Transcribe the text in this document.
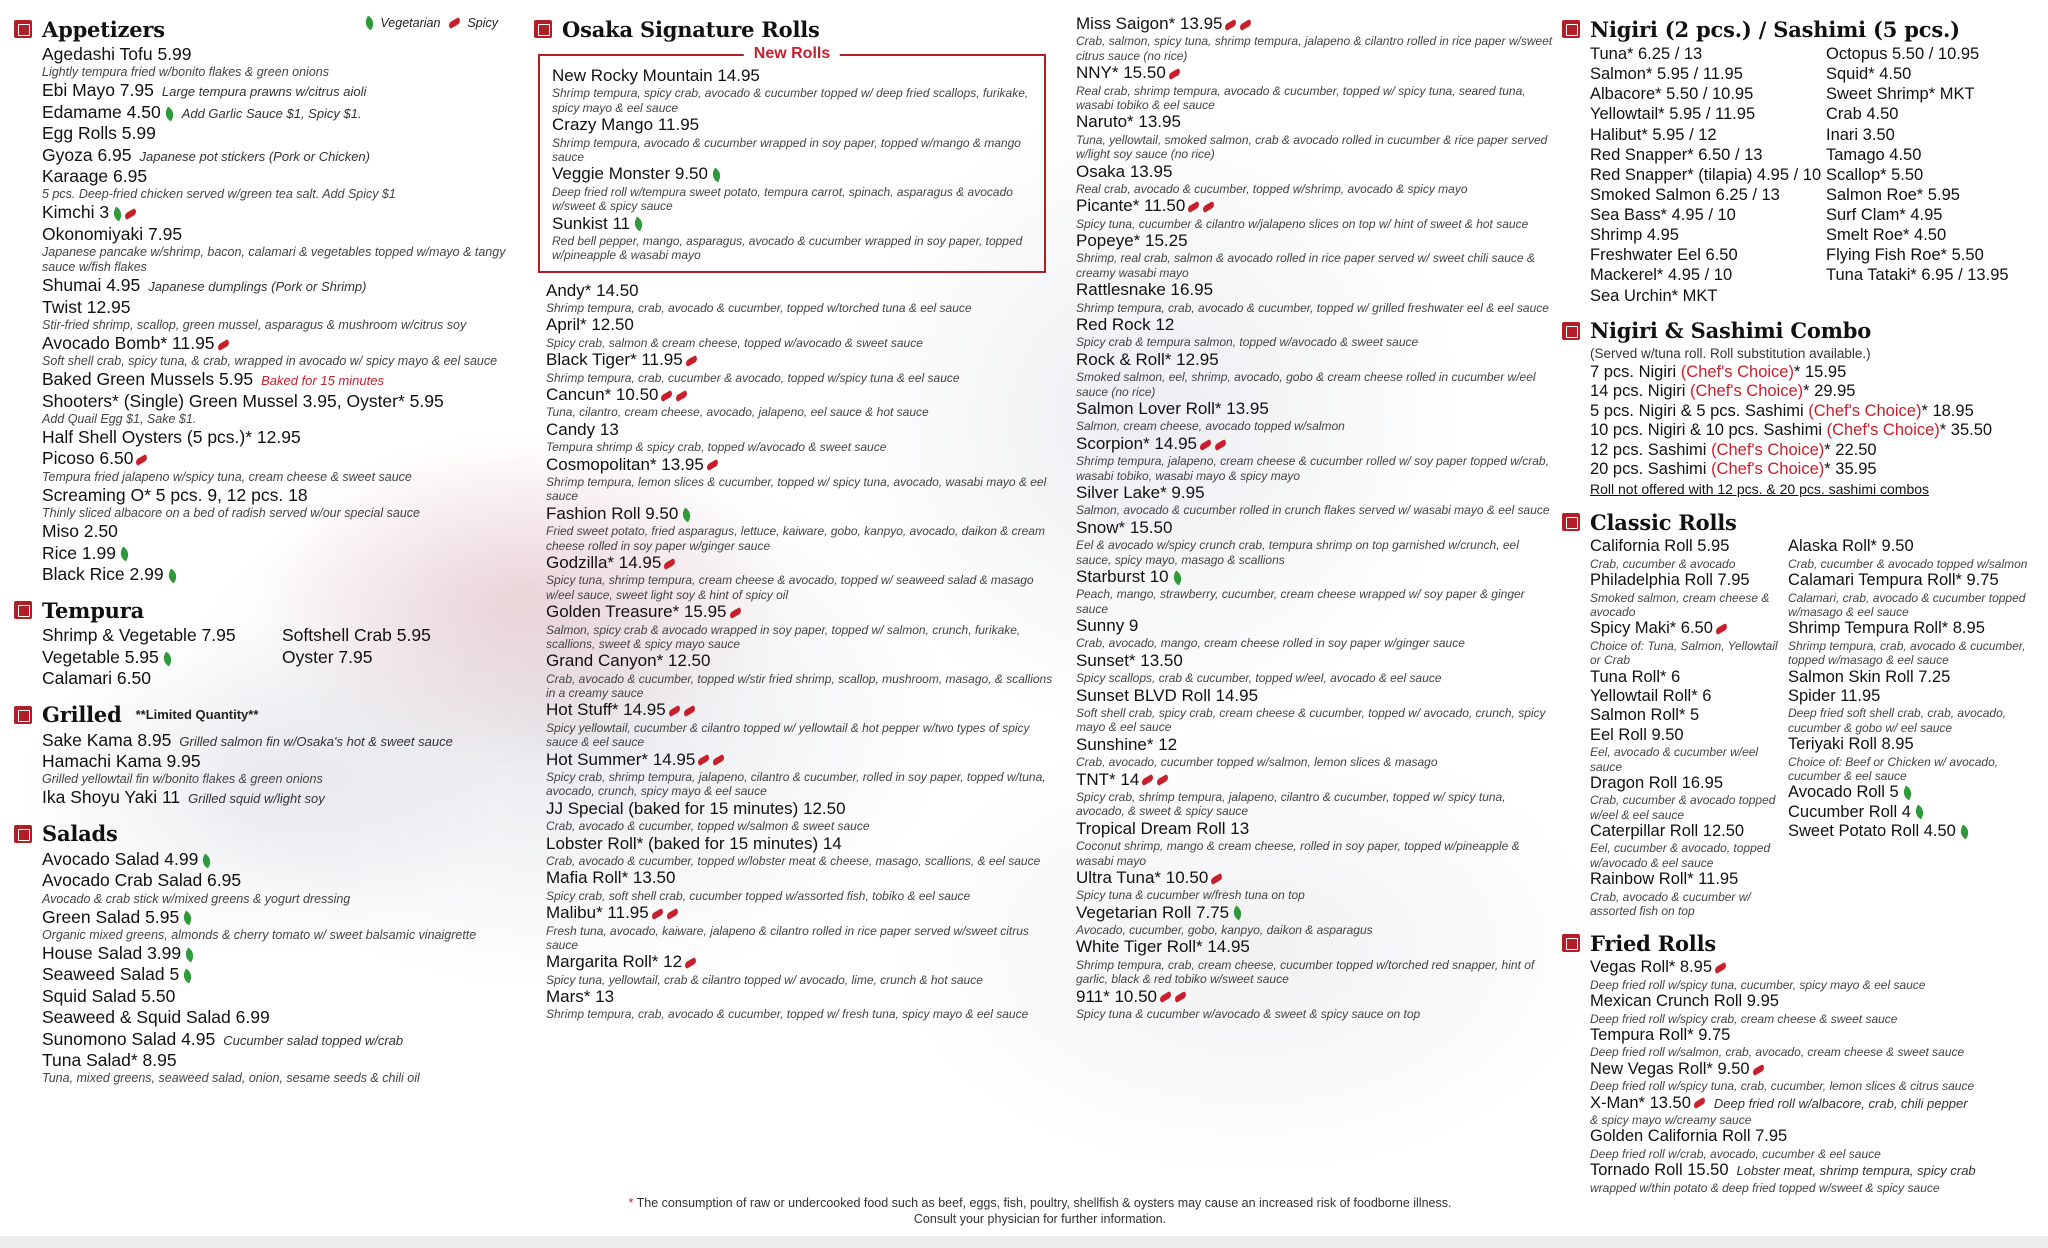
Vegetarian Spicy
Appetizers
Agedashi Tofu 5.99
Lightly tempura fried w/bonito flakes & green onions
Ebi Mayo 7.95 Large tempura prawns w/citrus aioli
Edamame 4.50 Add Garlic Sauce $1, Spicy $1.
Egg Rolls 5.99
Gyoza 6.95 Japanese pot stickers (Pork or Chicken)
Karaage 6.95
5 pcs. Deep-fried chicken served w/green tea salt. Add Spicy $1
Kimchi 3
Okonomiyaki 7.95
Japanese pancake w/shrimp, bacon, calamari & vegetables topped w/mayo & tangy sauce w/fish flakes
Shumai 4.95 Japanese dumplings (Pork or Shrimp)
Twist 12.95
Stir-fried shrimp, scallop, green mussel, asparagus & mushroom w/citrus soy
Avocado Bomb* 11.95
Soft shell crab, spicy tuna, & crab, wrapped in avocado w/ spicy mayo & eel sauce
Baked Green Mussels 5.95 Baked for 15 minutes
Shooters* (Single) Green Mussel 3.95, Oyster* 5.95
Add Quail Egg $1, Sake $1.
Half Shell Oysters (5 pcs.)* 12.95
Picoso 6.50
Tempura fried jalapeno w/spicy tuna, cream cheese & sweet sauce
Screaming O* 5 pcs. 9, 12 pcs. 18
Thinly sliced albacore on a bed of radish served w/our special sauce
Miso 2.50
Rice 1.99
Black Rice 2.99
Tempura
Shrimp & Vegetable 7.95
Vegetable 5.95
Calamari 6.50
Softshell Crab 5.95
Oyster 7.95
Grilled **Limited Quantity**
Sake Kama 8.95 Grilled salmon fin w/Osaka's hot & sweet sauce
Hamachi Kama 9.95
Grilled yellowtail fin w/bonito flakes & green onions
Ika Shoyu Yaki 11 Grilled squid w/light soy
Salads
Avocado Salad 4.99
Avocado Crab Salad 6.95
Avocado & crab stick w/mixed greens & yogurt dressing
Green Salad 5.95
Organic mixed greens, almonds & cherry tomato w/ sweet balsamic vinaigrette
House Salad 3.99
Seaweed Salad 5
Squid Salad 5.50
Seaweed & Squid Salad 6.99
Sunomono Salad 4.95 Cucumber salad topped w/crab
Tuna Salad* 8.95
Tuna, mixed greens, seaweed salad, onion, sesame seeds & chili oil
Osaka Signature Rolls
New Rolls
New Rocky Mountain 14.95
Shrimp tempura, spicy crab, avocado & cucumber topped w/ deep fried scallops, furikake, spicy mayo & eel sauce
Crazy Mango 11.95
Shrimp tempura, avocado & cucumber wrapped in soy paper, topped w/mango & mango sauce
Veggie Monster 9.50
Deep fried roll w/tempura sweet potato, tempura carrot, spinach, asparagus & avocado w/sweet & spicy sauce
Sunkist 11
Red bell pepper, mango, asparagus, avocado & cucumber wrapped in soy paper, topped w/pineapple & wasabi mayo
Andy* 14.50
Shrimp tempura, crab, avocado & cucumber, topped w/torched tuna & eel sauce
April* 12.50
Spicy crab, salmon & cream cheese, topped w/avocado & sweet sauce
Black Tiger* 11.95
Shrimp tempura, crab, cucumber & avocado, topped w/spicy tuna & eel sauce
Cancun* 10.50
Tuna, cilantro, cream cheese, avocado, jalapeno, eel sauce & hot sauce
Candy 13
Tempura shrimp & spicy crab, topped w/avocado & sweet sauce
Cosmopolitan* 13.95
Shrimp tempura, lemon slices & cucumber, topped w/ spicy tuna, avocado, wasabi mayo & eel sauce
Fashion Roll 9.50
Fried sweet potato, fried asparagus, lettuce, kaiware, gobo, kanpyo, avocado, daikon & cream cheese rolled in soy paper w/ginger sauce
Godzilla* 14.95
Spicy tuna, shrimp tempura, cream cheese & avocado, topped w/ seaweed salad & masago w/eel sauce, sweet light soy & hint of spicy oil
Golden Treasure* 15.95
Salmon, spicy crab & avocado wrapped in soy paper, topped w/ salmon, crunch, furikake, scallions, sweet & spicy mayo sauce
Grand Canyon* 12.50
Crab, avocado & cucumber, topped w/stir fried shrimp, scallop, mushroom, masago, & scallions in a creamy sauce
Hot Stuff* 14.95
Spicy yellowtail, cucumber & cilantro topped w/ yellowtail & hot pepper w/two types of spicy sauce & eel sauce
Hot Summer* 14.95
Spicy crab, shrimp tempura, jalapeno, cilantro & cucumber, rolled in soy paper, topped w/tuna, avocado, crunch, spicy mayo & eel sauce
JJ Special (baked for 15 minutes) 12.50
Crab, avocado & cucumber, topped w/salmon & sweet sauce
Lobster Roll* (baked for 15 minutes) 14
Crab, avocado & cucumber, topped w/lobster meat & cheese, masago, scallions, & eel sauce
Mafia Roll* 13.50
Spicy crab, soft shell crab, cucumber topped w/assorted fish, tobiko & eel sauce
Malibu* 11.95
Fresh tuna, avocado, kaiware, jalapeno & cilantro rolled in rice paper served w/sweet citrus sauce
Margarita Roll* 12
Spicy tuna, yellowtail, crab & cilantro topped w/ avocado, lime, crunch & hot sauce
Mars* 13
Shrimp tempura, crab, avocado & cucumber, topped w/ fresh tuna, spicy mayo & eel sauce
Miss Saigon* 13.95
Crab, salmon, spicy tuna, shrimp tempura, jalapeno & cilantro rolled in rice paper w/sweet citrus sauce (no rice)
NNY* 15.50
Real crab, shrimp tempura, avocado & cucumber, topped w/ spicy tuna, seared tuna, wasabi tobiko & eel sauce
Naruto* 13.95
Tuna, yellowtail, smoked salmon, crab & avocado rolled in cucumber & rice paper served w/light soy sauce (no rice)
Osaka 13.95
Real crab, avocado & cucumber, topped w/shrimp, avocado & spicy mayo
Picante* 11.50
Spicy tuna, cucumber & cilantro w/jalapeno slices on top w/ hint of sweet & hot sauce
Popeye* 15.25
Shrimp, real crab, salmon & avocado rolled in rice paper served w/ sweet chili sauce & creamy wasabi mayo
Rattlesnake 16.95
Shrimp tempura, crab, avocado & cucumber, topped w/ grilled freshwater eel & eel sauce
Red Rock 12
Spicy crab & tempura salmon, topped w/avocado & sweet sauce
Rock & Roll* 12.95
Smoked salmon, eel, shrimp, avocado, gobo & cream cheese rolled in cucumber w/eel sauce (no rice)
Salmon Lover Roll* 13.95
Salmon, cream cheese, avocado topped w/salmon
Scorpion* 14.95
Shrimp tempura, jalapeno, cream cheese & cucumber rolled w/ soy paper topped w/crab, wasabi tobiko, wasabi mayo & spicy mayo
Silver Lake* 9.95
Salmon, avocado & cucumber rolled in crunch flakes served w/ wasabi mayo & eel sauce
Snow* 15.50
Eel & avocado w/spicy crunch crab, tempura shrimp on top garnished w/crunch, eel sauce, spicy mayo, masago & scallions
Starburst 10
Peach, mango, strawberry, cucumber, cream cheese wrapped w/ soy paper & ginger sauce
Sunny 9
Crab, avocado, mango, cream cheese rolled in soy paper w/ginger sauce
Sunset* 13.50
Spicy scallops, crab & cucumber, topped w/eel, avocado & eel sauce
Sunset BLVD Roll 14.95
Soft shell crab, spicy crab, cream cheese & cucumber, topped w/ avocado, crunch, spicy mayo & eel sauce
Sunshine* 12
Crab, avocado, cucumber topped w/salmon, lemon slices & masago
TNT* 14
Spicy crab, shrimp tempura, jalapeno, cilantro & cucumber, topped w/ spicy tuna, avocado, & sweet & spicy sauce
Tropical Dream Roll 13
Coconut shrimp, mango & cream cheese, rolled in soy paper, topped w/pineapple & wasabi mayo
Ultra Tuna* 10.50
Spicy tuna & cucumber w/fresh tuna on top
Vegetarian Roll 7.75
Avocado, cucumber, gobo, kanpyo, daikon & asparagus
White Tiger Roll* 14.95
Shrimp tempura, crab, cream cheese, cucumber topped w/torched red snapper, hint of garlic, black & red tobiko w/sweet sauce
911* 10.50
Spicy tuna & cucumber w/avocado & sweet & spicy sauce on top
Nigiri (2 pcs.) / Sashimi (5 pcs.)
Tuna* 6.25 / 13
Salmon* 5.95 / 11.95
Albacore* 5.50 / 10.95
Yellowtail* 5.95 / 11.95
Halibut* 5.95 / 12
Red Snapper* 6.50 / 13
Red Snapper* (tilapia) 4.95 / 10
Smoked Salmon 6.25 / 13
Sea Bass* 4.95 / 10
Shrimp 4.95
Freshwater Eel 6.50
Mackerel* 4.95 / 10
Sea Urchin* MKT
Octopus 5.50 / 10.95
Squid* 4.50
Sweet Shrimp* MKT
Crab 4.50
Inari 3.50
Tamago 4.50
Scallop* 5.50
Salmon Roe* 5.95
Surf Clam* 4.95
Smelt Roe* 4.50
Flying Fish Roe* 5.50
Tuna Tataki* 6.95 / 13.95
Nigiri & Sashimi Combo
(Served w/tuna roll. Roll substitution available.)
7 pcs. Nigiri (Chef's Choice)* 15.95
14 pcs. Nigiri (Chef's Choice)* 29.95
5 pcs. Nigiri & 5 pcs. Sashimi (Chef's Choice)* 18.95
10 pcs. Nigiri & 10 pcs. Sashimi (Chef's Choice)* 35.50
12 pcs. Sashimi (Chef's Choice)* 22.50
20 pcs. Sashimi (Chef's Choice)* 35.95
Roll not offered with 12 pcs. & 20 pcs. sashimi combos
Classic Rolls
California Roll 5.95
Crab, cucumber & avocado
Philadelphia Roll 7.95
Smoked salmon, cream cheese & avocado
Spicy Maki* 6.50
Choice of: Tuna, Salmon, Yellowtail or Crab
Tuna Roll* 6
Yellowtail Roll* 6
Salmon Roll* 5
Eel Roll 9.50
Eel, avocado & cucumber w/eel sauce
Dragon Roll 16.95
Crab, cucumber & avocado topped w/eel & eel sauce
Caterpillar Roll 12.50
Eel, cucumber & avocado, topped w/avocado & eel sauce
Rainbow Roll* 11.95
Crab, avocado & cucumber w/ assorted fish on top
Alaska Roll* 9.50
Crab, cucumber & avocado topped w/salmon
Calamari Tempura Roll* 9.75
Calamari, crab, avocado & cucumber topped w/masago & eel sauce
Shrimp Tempura Roll* 8.95
Shrimp tempura, crab, avocado & cucumber, topped w/masago & eel sauce
Salmon Skin Roll 7.25
Spider 11.95
Deep fried soft shell crab, crab, avocado, cucumber & gobo w/ eel sauce
Teriyaki Roll 8.95
Choice of: Beef or Chicken w/ avocado, cucumber & eel sauce
Avocado Roll 5
Cucumber Roll 4
Sweet Potato Roll 4.50
Fried Rolls
Vegas Roll* 8.95
Deep fried roll w/spicy tuna, cucumber, spicy mayo & eel sauce
Mexican Crunch Roll 9.95
Deep fried roll w/spicy crab, cream cheese & sweet sauce
Tempura Roll* 9.75
Deep fried roll w/salmon, crab, avocado, cream cheese & sweet sauce
New Vegas Roll* 9.50
Deep fried roll w/spicy tuna, crab, cucumber, lemon slices & citrus sauce
X-Man* 13.50 Deep fried roll w/albacore, crab, chili pepper
& spicy mayo w/creamy sauce
Golden California Roll 7.95
Deep fried roll w/crab, avocado, cucumber & eel sauce
Tornado Roll 15.50 Lobster meat, shrimp tempura, spicy crab
wrapped w/thin potato & deep fried topped w/sweet & spicy sauce
* The consumption of raw or undercooked food such as beef, eggs, fish, poultry, shellfish & oysters may cause an increased risk of foodborne illness.
Consult your physician for further information.
